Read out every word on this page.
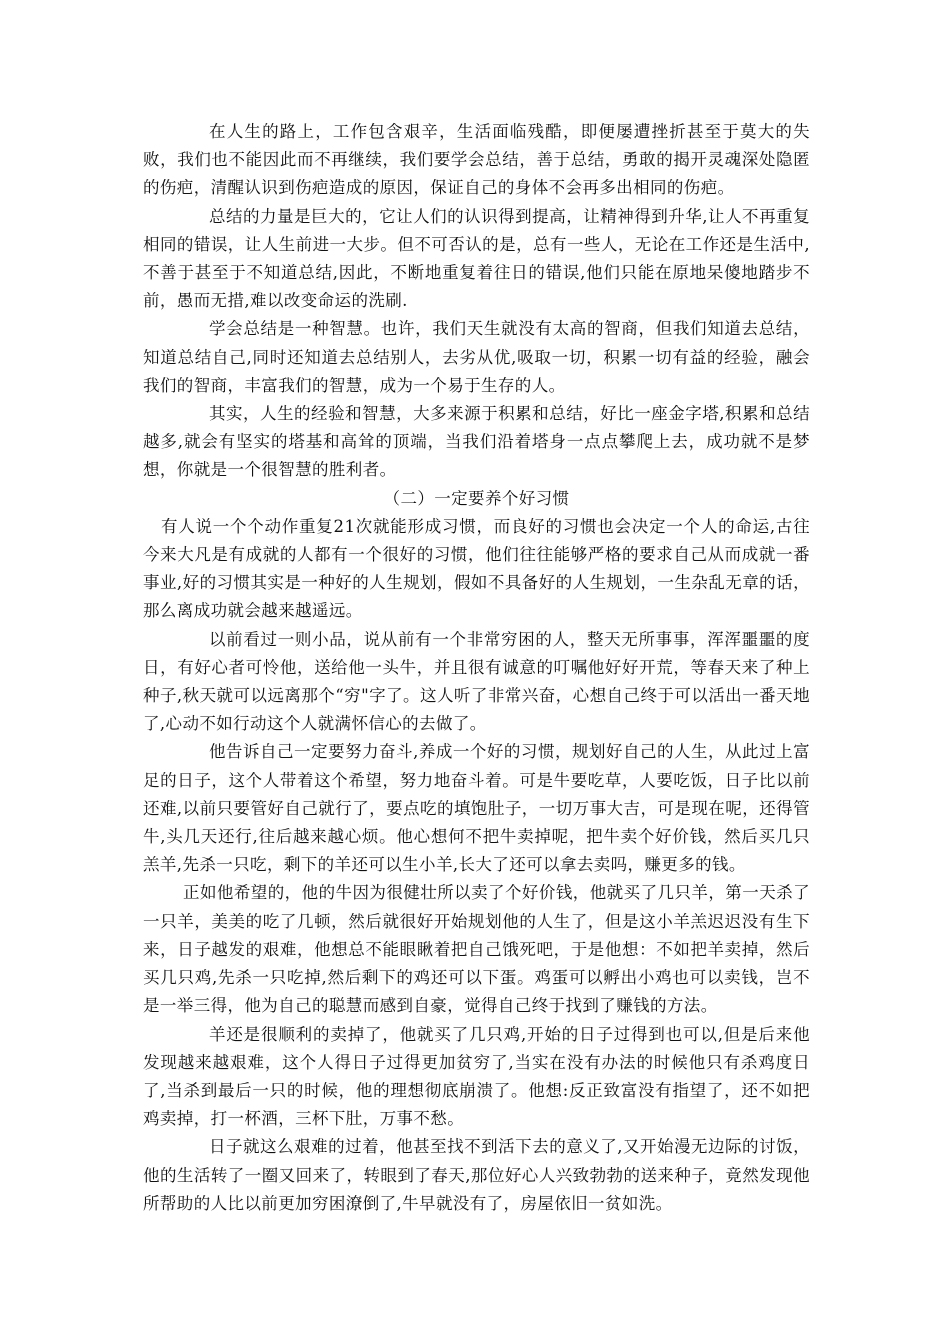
在人生的路上，工作包含艰辛，生活面临残酷，即便屡遭挫折甚至于莫大的失败，我们也不能因此而不再继续，我们要学会总结，善于总结，勇敢的揭开灵魂深处隐匿的伤疤，清醒认识到伤疤造成的原因，保证自己的身体不会再多出相同的伤疤。

总结的力量是巨大的，它让人们的认识得到提高，让精神得到升华,让人不再重复相同的错误，让人生前进一大步。但不可否认的是，总有一些人，无论在工作还是生活中,不善于甚至于不知道总结,因此，不断地重复着往日的错误,他们只能在原地呆傻地踏步不前，愚而无措,难以改变命运的洗刷.

学会总结是一种智慧。也许，我们天生就没有太高的智商，但我们知道去总结，知道总结自己,同时还知道去总结别人，去劣从优,吸取一切，积累一切有益的经验，融会我们的智商，丰富我们的智慧，成为一个易于生存的人。

其实，人生的经验和智慧，大多来源于积累和总结，好比一座金字塔,积累和总结越多,就会有坚实的塔基和高耸的顶端，当我们沿着塔身一点点攀爬上去，成功就不是梦想，你就是一个很智慧的胜利者。

（二）一定要养个好习惯

有人说一个个动作重复21次就能形成习惯，而良好的习惯也会决定一个人的命运,古往今来大凡是有成就的人都有一个很好的习惯，他们往往能够严格的要求自己从而成就一番事业,好的习惯其实是一种好的人生规划，假如不具备好的人生规划，一生杂乱无章的话，那么离成功就会越来越遥远。

以前看过一则小品，说从前有一个非常穷困的人，整天无所事事，浑浑噩噩的度日，有好心者可怜他，送给他一头牛，并且很有诚意的叮嘱他好好开荒，等春天来了种上种子,秋天就可以远离那个“穷"字了。这人听了非常兴奋，心想自己终于可以活出一番天地了,心动不如行动这个人就满怀信心的去做了。

他告诉自己一定要努力奋斗,养成一个好的习惯，规划好自己的人生，从此过上富足的日子，这个人带着这个希望，努力地奋斗着。可是牛要吃草，人要吃饭，日子比以前还难,以前只要管好自己就行了，要点吃的填饱肚子，一切万事大吉，可是现在呢，还得管牛,头几天还行,往后越来越心烦。他心想何不把牛卖掉呢，把牛卖个好价钱，然后买几只羔羊,先杀一只吃，剩下的羊还可以生小羊,长大了还可以拿去卖吗，赚更多的钱。

正如他希望的，他的牛因为很健壮所以卖了个好价钱，他就买了几只羊，第一天杀了一只羊，美美的吃了几顿，然后就很好开始规划他的人生了，但是这小羊羔迟迟没有生下来，日子越发的艰难，他想总不能眼瞅着把自己饿死吧，于是他想：不如把羊卖掉，然后买几只鸡,先杀一只吃掉,然后剩下的鸡还可以下蛋。鸡蛋可以孵出小鸡也可以卖钱，岂不是一举三得，他为自己的聪慧而感到自豪，觉得自己终于找到了赚钱的方法。

羊还是很顺利的卖掉了，他就买了几只鸡,开始的日子过得到也可以,但是后来他发现越来越艰难，这个人得日子过得更加贫穷了,当实在没有办法的时候他只有杀鸡度日了,当杀到最后一只的时候，他的理想彻底崩溃了。他想:反正致富没有指望了，还不如把鸡卖掉，打一杯酒，三杯下肚，万事不愁。

日子就这么艰难的过着，他甚至找不到活下去的意义了,又开始漫无边际的讨饭，他的生活转了一圈又回来了，转眼到了春天,那位好心人兴致勃勃的送来种子，竟然发现他所帮助的人比以前更加穷困潦倒了,牛早就没有了，房屋依旧一贫如洗。
